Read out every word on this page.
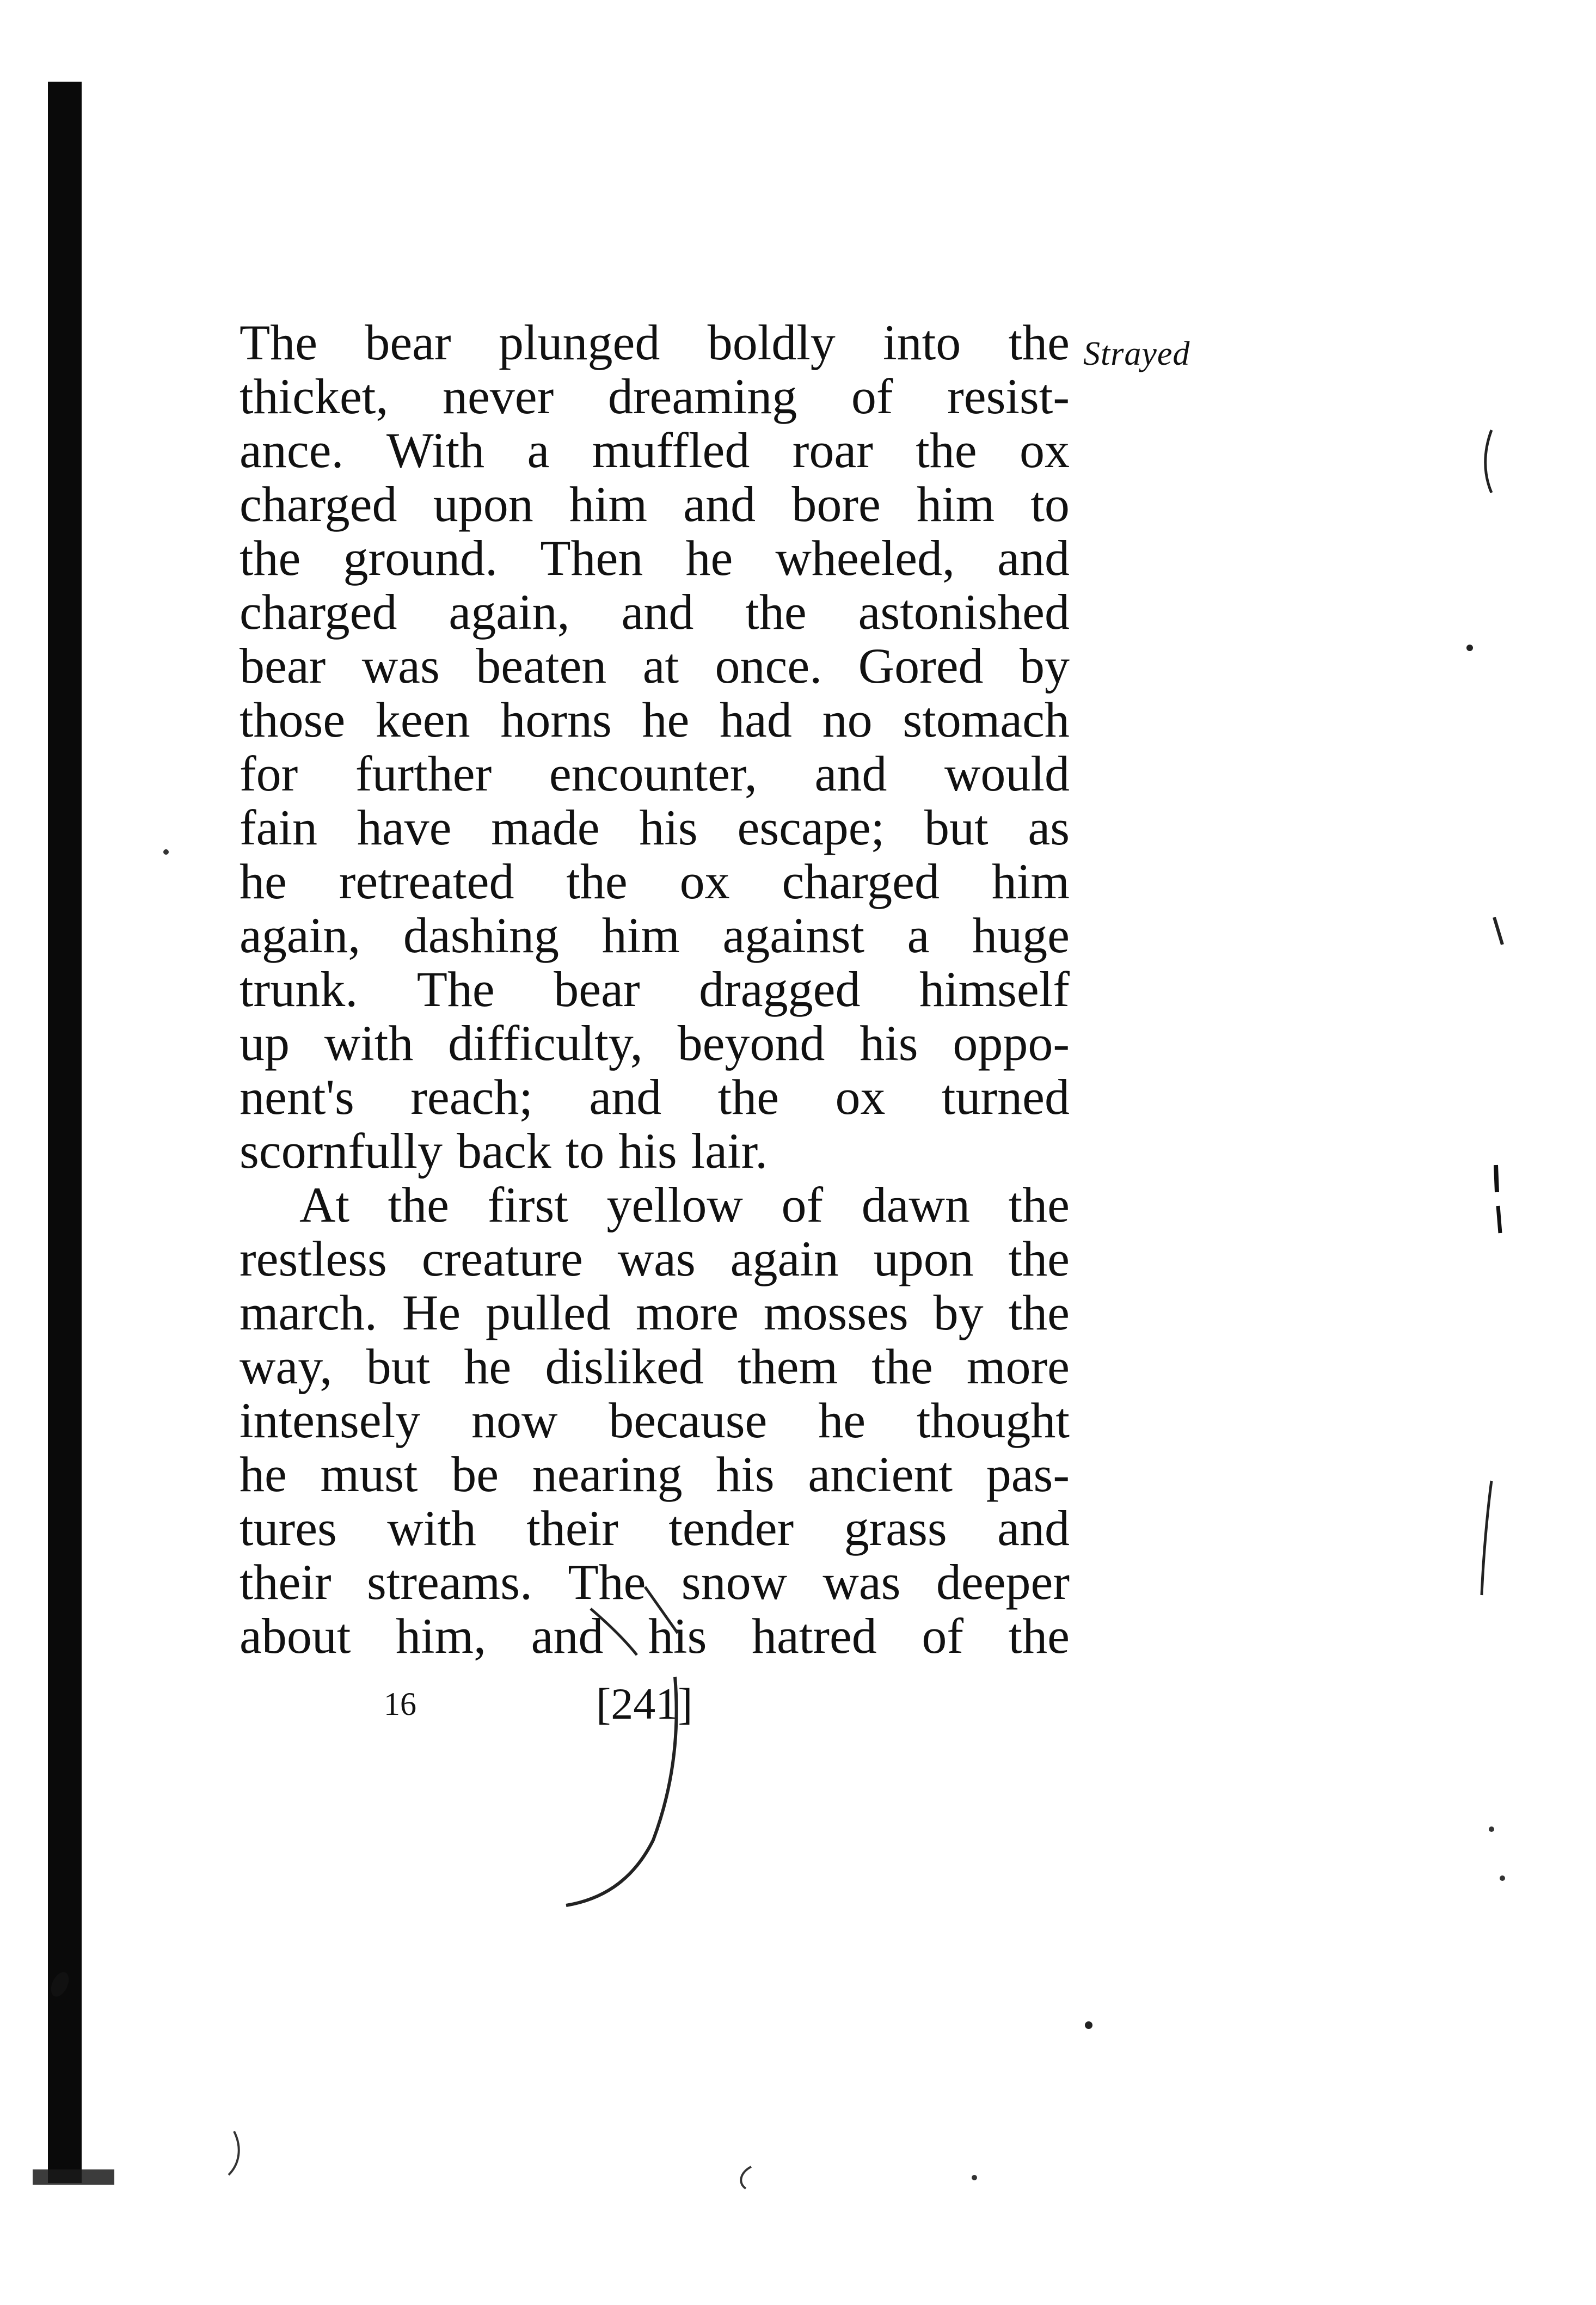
Strayed
The bear plunged boldly into the
thicket, never dreaming of resist-
ance. With a muffled roar the ox
charged upon him and bore him to
the ground. Then he wheeled, and
charged again, and the astonished
bear was beaten at once. Gored by
those keen horns he had no stomach
for further encounter, and would
fain have made his escape; but as
he retreated the ox charged him
again, dashing him against a huge
trunk. The bear dragged himself
up with difficulty, beyond his oppo-
nent's reach; and the ox turned
scornfully back to his lair.
At the first yellow of dawn the
restless creature was again upon the
march. He pulled more mosses by the
way, but he disliked them the more
intensely now because he thought
he must be nearing his ancient pas-
tures with their tender grass and
their streams. The snow was deeper
about him, and his hatred of the
16	[241]
